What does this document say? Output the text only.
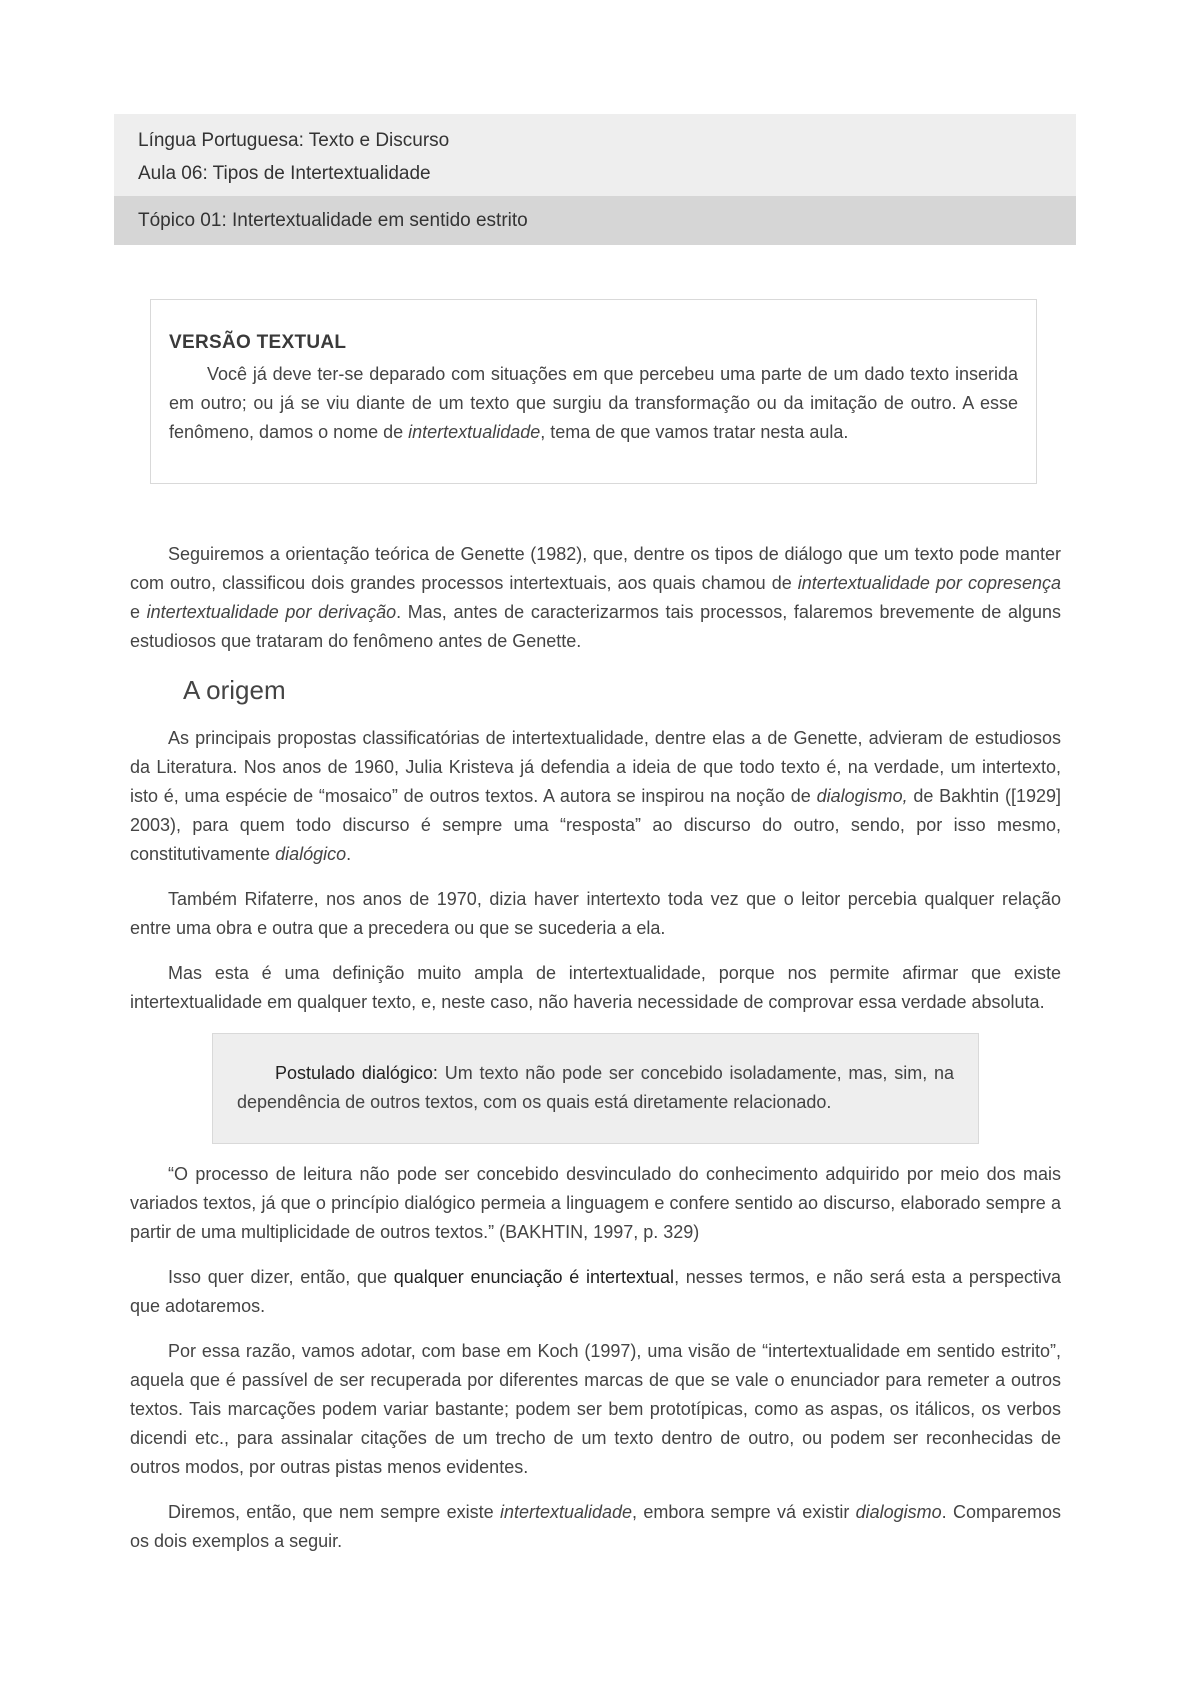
Língua Portuguesa: Texto e Discurso
Aula 06: Tipos de Intertextualidade
Tópico 01: Intertextualidade em sentido estrito
VERSÃO TEXTUAL

Você já deve ter-se deparado com situações em que percebeu uma parte de um dado texto inserida em outro; ou já se viu diante de um texto que surgiu da transformação ou da imitação de outro. A esse fenômeno, damos o nome de intertextualidade, tema de que vamos tratar nesta aula.

Seguiremos a orientação teórica de Genette (1982), que, dentre os tipos de diálogo que um texto pode manter com outro, classificou dois grandes processos intertextuais, aos quais chamou de intertextualidade por copresença e intertextualidade por derivação. Mas, antes de caracterizarmos tais processos, falaremos brevemente de alguns estudiosos que trataram do fenômeno antes de Genette.

A origem

As principais propostas classificatórias de intertextualidade, dentre elas a de Genette, advieram de estudiosos da Literatura. Nos anos de 1960, Julia Kristeva já defendia a ideia de que todo texto é, na verdade, um intertexto, isto é, uma espécie de “mosaico” de outros textos. A autora se inspirou na noção de dialogismo, de Bakhtin ([1929] 2003), para quem todo discurso é sempre uma “resposta” ao discurso do outro, sendo, por isso mesmo, constitutivamente dialógico.

Também Rifaterre, nos anos de 1970, dizia haver intertexto toda vez que o leitor percebia qualquer relação entre uma obra e outra que a precedera ou que se sucederia a ela.

Mas esta é uma definição muito ampla de intertextualidade, porque nos permite afirmar que existe intertextualidade em qualquer texto, e, neste caso, não haveria necessidade de comprovar essa verdade absoluta.

Postulado dialógico: Um texto não pode ser concebido isoladamente, mas, sim, na dependência de outros textos, com os quais está diretamente relacionado.

“O processo de leitura não pode ser concebido desvinculado do conhecimento adquirido por meio dos mais variados textos, já que o princípio dialógico permeia a linguagem e confere sentido ao discurso, elaborado sempre a partir de uma multiplicidade de outros textos.” (BAKHTIN, 1997, p. 329)

Isso quer dizer, então, que qualquer enunciação é intertextual, nesses termos, e não será esta a perspectiva que adotaremos.

Por essa razão, vamos adotar, com base em Koch (1997), uma visão de “intertextualidade em sentido estrito”, aquela que é passível de ser recuperada por diferentes marcas de que se vale o enunciador para remeter a outros textos. Tais marcações podem variar bastante; podem ser bem prototípicas, como as aspas, os itálicos, os verbos dicendi etc., para assinalar citações de um trecho de um texto dentro de outro, ou podem ser reconhecidas de outros modos, por outras pistas menos evidentes.

Diremos, então, que nem sempre existe intertextualidade, embora sempre vá existir dialogismo. Comparemos os dois exemplos a seguir.
